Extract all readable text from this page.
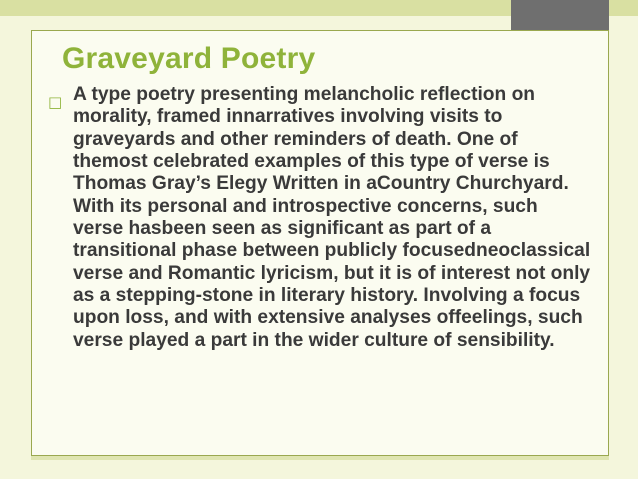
Graveyard Poetry
□ A type poetry presenting melancholic reflection on morality, framed innarratives involving visits to graveyards and other reminders of death. One of themost celebrated examples of this type of verse is Thomas Gray’s Elegy Written in aCountry Churchyard. With its personal and introspective concerns, such verse hasbeen seen as significant as part of a transitional phase between publicly focusedneoclassical verse and Romantic lyricism, but it is of interest not only as a stepping-stone in literary history. Involving a focus upon loss, and with extensive analyses offeelings, such verse played a part in the wider culture of sensibility.
